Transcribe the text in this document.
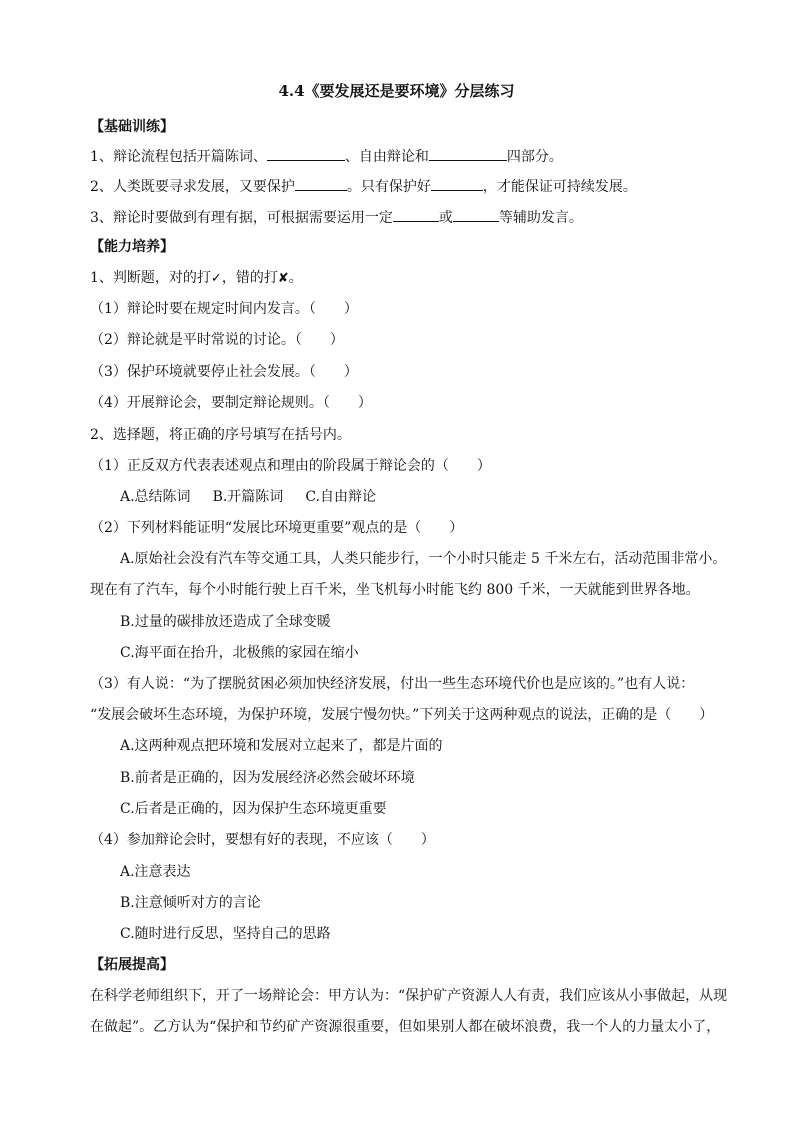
4.4《要发展还是要环境》分层练习
【基础训练】
1、辩论流程包括开篇陈词、	、自由辩论和	四部分。
2、人类既要寻求发展，又要保护	。只有保护好	，才能保证可持续发展。
3、辩论时要做到有理有据，可根据需要运用一定	或	等辅助发言。
【能力培养】
1、判断题，对的打✓，错的打✘。
（1）辩论时要在规定时间内发言。（　　）
（2）辩论就是平时常说的讨论。（　　）
（3）保护环境就要停止社会发展。（　　）
（4）开展辩论会，要制定辩论规则。（　　）
2、选择题，将正确的序号填写在括号内。
（1）正反双方代表表述观点和理由的阶段属于辩论会的（　　）
A.总结陈词 B.开篇陈词 C.自由辩论
（2）下列材料能证明“发展比环境更重要”观点的是（　　）
A.原始社会没有汽车等交通工具，人类只能步行，一个小时只能走 5 千米左右，活动范围非常小。
现在有了汽车，每个小时能行驶上百千米，坐飞机每小时能飞约 800 千米，一天就能到世界各地。
B.过量的碳排放还造成了全球变暖
C.海平面在抬升，北极熊的家园在缩小
（3）有人说：“为了摆脱贫困必须加快经济发展，付出一些生态环境代价也是应该的。”也有人说：
“发展会破坏生态环境，为保护环境，发展宁慢勿快。”下列关于这两种观点的说法，正确的是（　　）
A.这两种观点把环境和发展对立起来了，都是片面的
B.前者是正确的，因为发展经济必然会破坏环境
C.后者是正确的，因为保护生态环境更重要
（4）参加辩论会时，要想有好的表现，不应该（　　）
A.注意表达
B.注意倾听对方的言论
C.随时进行反思，坚持自己的思路
【拓展提高】
在科学老师组织下，开了一场辩论会：甲方认为：“保护矿产资源人人有责，我们应该从小事做起，从现
在做起”。乙方认为“保护和节约矿产资源很重要，但如果别人都在破坏浪费，我一个人的力量太小了，
